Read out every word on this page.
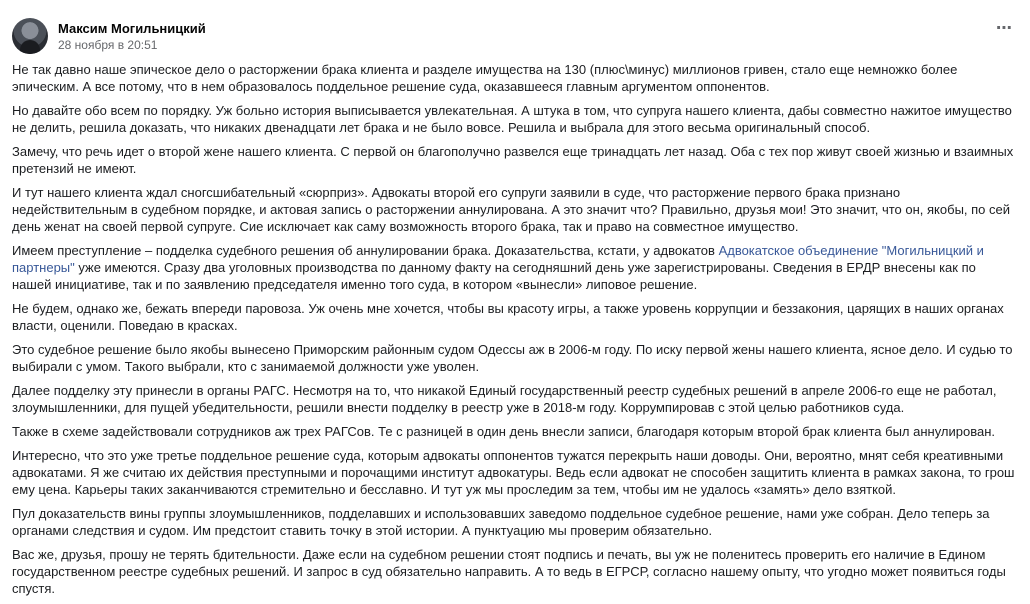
Максим Могильницкий
28 ноября в 20:51
⋯

Не так давно наше эпическое дело о расторжении брака клиента и разделе имущества на 130 (плюс\минус) миллионов гривен, стало еще немножко более эпическим. А все потому, что в нем образовалось поддельное решение суда, оказавшееся главным аргументом оппонентов.

Но давайте обо всем по порядку. Уж больно история выписывается увлекательная. А штука в том, что супруга нашего клиента, дабы совместно нажитое имущество не делить, решила доказать, что никаких двенадцати лет брака и не было вовсе. Решила и выбрала для этого весьма оригинальный способ.

Замечу, что речь идет о второй жене нашего клиента. С первой он благополучно развелся еще тринадцать лет назад. Оба с тех пор живут своей жизнью и взаимных претензий не имеют.

И тут нашего клиента ждал сногсшибательный «сюрприз». Адвокаты второй его супруги заявили в суде, что расторжение первого брака признано недействительным в судебном порядке, и актовая запись о расторжении аннулирована. А это значит что? Правильно, друзья мои! Это значит, что он, якобы, по сей день женат на своей первой супруге. Сие исключает как саму возможность второго брака, так и право на совместное имущество.

Имеем преступление – подделка судебного решения об аннулировании брака. Доказательства, кстати, у адвокатов Адвокатское объединение "Могильницкий и партнеры" уже имеются. Сразу два уголовных производства по данному факту на сегодняшний день уже зарегистрированы. Сведения в ЕРДР внесены как по нашей инициативе, так и по заявлению председателя именно того суда, в котором «вынесли» липовое решение.

Не будем, однако же, бежать впереди паровоза. Уж очень мне хочется, чтобы вы красоту игры, а также уровень коррупции и беззакония, царящих в наших органах власти, оценили. Поведаю в красках.

Это судебное решение было якобы вынесено Приморским районным судом Одессы аж в 2006-м году. По иску первой жены нашего клиента, ясное дело. И судью то выбирали с умом. Такого выбрали, кто с занимаемой должности уже уволен.

Далее подделку эту принесли в органы РАГС. Несмотря на то, что никакой Единый государственный реестр судебных решений в апреле 2006-го еще не работал, злоумышленники, для пущей убедительности, решили внести подделку в реестр уже в 2018-м году. Коррумпировав с этой целью работников суда.

Также в схеме задействовали сотрудников аж трех РАГСов. Те с разницей в один день внесли записи, благодаря которым второй брак клиента был аннулирован.

Интересно, что это уже третье поддельное решение суда, которым адвокаты оппонентов тужатся перекрыть наши доводы. Они, вероятно, мнят себя креативными адвокатами. Я же считаю их действия преступными и порочащими институт адвокатуры. Ведь если адвокат не способен защитить клиента в рамках закона, то грош ему цена. Карьеры таких заканчиваются стремительно и бесславно. И тут уж мы проследим за тем, чтобы им не удалось «замять» дело взяткой.

Пул доказательств вины группы злоумышленников, подделавших и использовавших заведомо поддельное судебное решение, нами уже собран. Дело теперь за органами следствия и судом. Им предстоит ставить точку в этой истории. А пунктуацию мы проверим обязательно.

Вас же, друзья, прошу не терять бдительности. Даже если на судебном решении стоят подпись и печать, вы уж не поленитесь проверить его наличие в Едином государственном реестре судебных решений. И запрос в суд обязательно направить. А то ведь в ЕГРСР, согласно нашему опыту, что угодно может появиться годы спустя.
